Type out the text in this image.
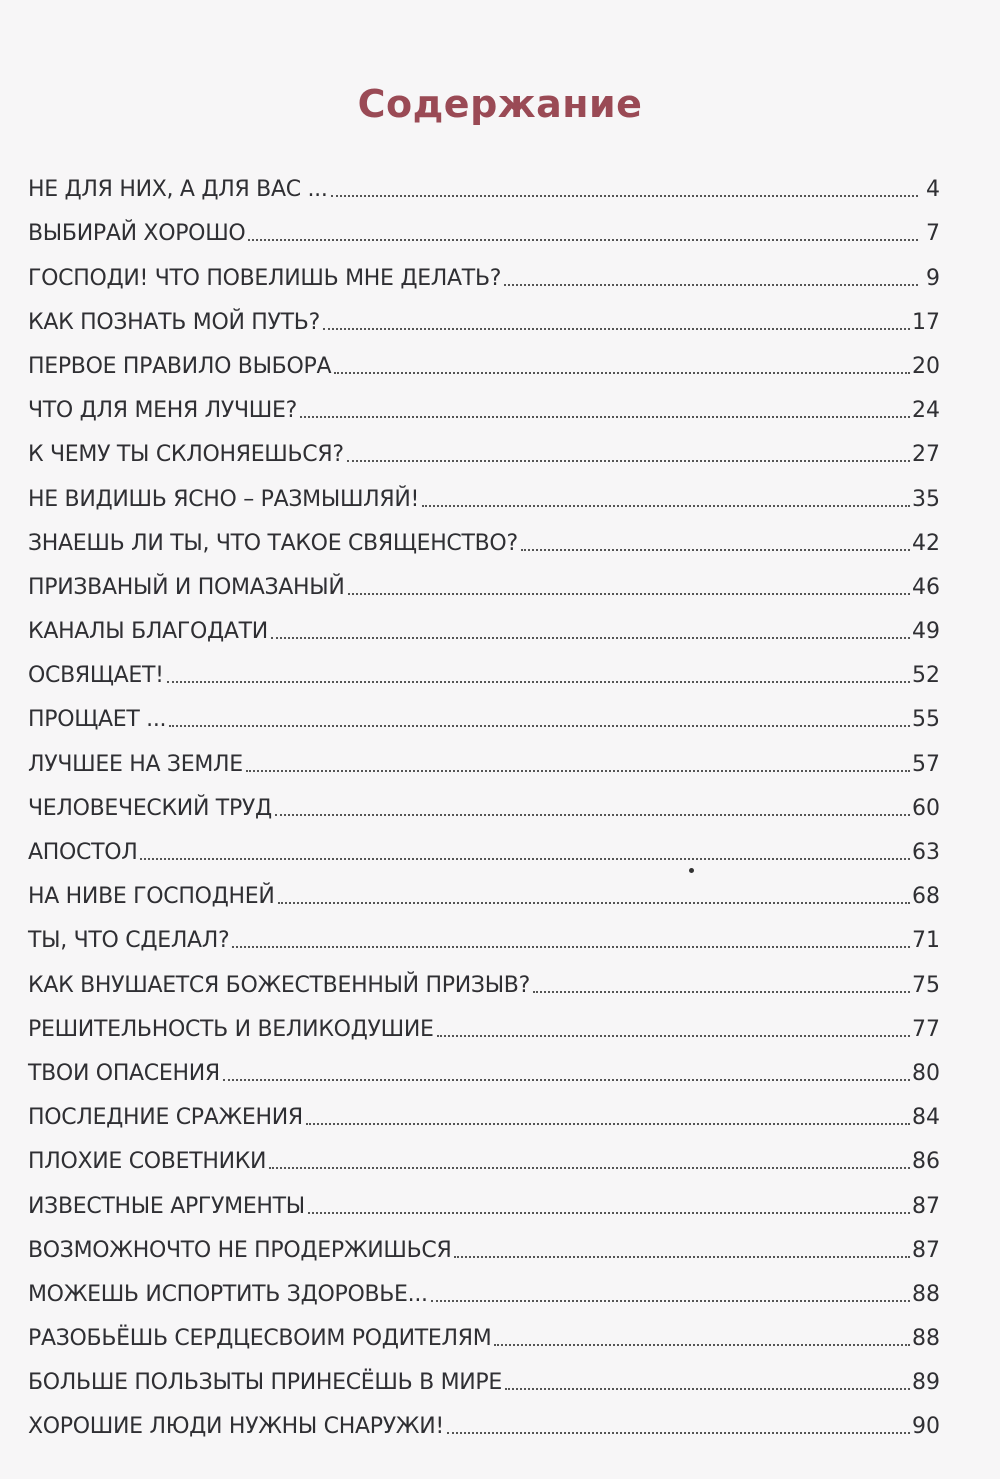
Содержание
НЕ ДЛЯ НИХ, А ДЛЯ ВАС ...	4
ВЫБИРАЙ ХОРОШО	7
ГОСПОДИ! ЧТО ПОВЕЛИШЬ МНЕ ДЕЛАТЬ?	9
КАК ПОЗНАТЬ МОЙ ПУТЬ?	17
ПЕРВОЕ ПРАВИЛО ВЫБОРА	20
ЧТО ДЛЯ МЕНЯ ЛУЧШЕ?	24
К ЧЕМУ ТЫ СКЛОНЯЕШЬСЯ?	27
НЕ ВИДИШЬ ЯСНО – РАЗМЫШЛЯЙ!	35
ЗНАЕШЬ ЛИ ТЫ, ЧТО ТАКОЕ СВЯЩЕНСТВО?	42
ПРИЗВАНЫЙ И ПОМАЗАНЫЙ	46
КАНАЛЫ БЛАГОДАТИ	49
ОСВЯЩАЕТ!	52
ПРОЩАЕТ ...	55
ЛУЧШЕЕ НА ЗЕМЛЕ	57
ЧЕЛОВЕЧЕСКИЙ ТРУД	60
АПОСТОЛ	63
НА НИВЕ ГОСПОДНЕЙ	68
ТЫ, ЧТО СДЕЛАЛ?	71
КАК ВНУШАЕТСЯ БОЖЕСТВЕННЫЙ ПРИЗЫВ?	75
РЕШИТЕЛЬНОСТЬ И ВЕЛИКОДУШИЕ	77
ТВОИ ОПАСЕНИЯ	80
ПОСЛЕДНИЕ СРАЖЕНИЯ	84
ПЛОХИЕ СОВЕТНИКИ	86
ИЗВЕСТНЫЕ АРГУМЕНТЫ	87
ВОЗМОЖНОЧТО НЕ ПРОДЕРЖИШЬСЯ	87
МОЖЕШЬ ИСПОРТИТЬ ЗДОРОВЬЕ...	88
РАЗОБЬЁШЬ СЕРДЦЕСВОИМ РОДИТЕЛЯМ	88
БОЛЬШЕ ПОЛЬЗЫТЫ ПРИНЕСЁШЬ В МИРЕ	89
ХОРОШИЕ ЛЮДИ НУЖНЫ СНАРУЖИ!	90
